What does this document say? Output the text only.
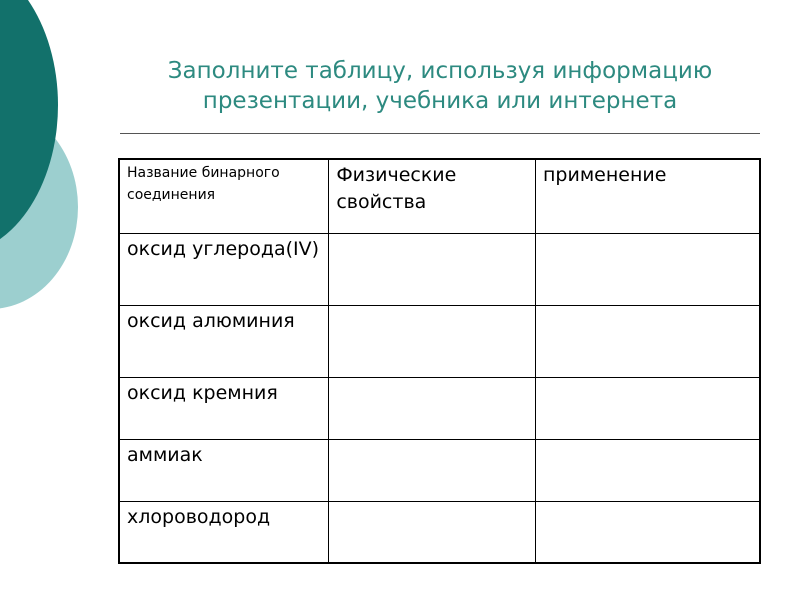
Заполните таблицу, используя информацию
презентации, учебника или интернета
Название бинарного соединения	Физические свойства	применение
оксид углерода(IV)		
оксид алюминия		
оксид кремния		
аммиак		
хлороводород		
